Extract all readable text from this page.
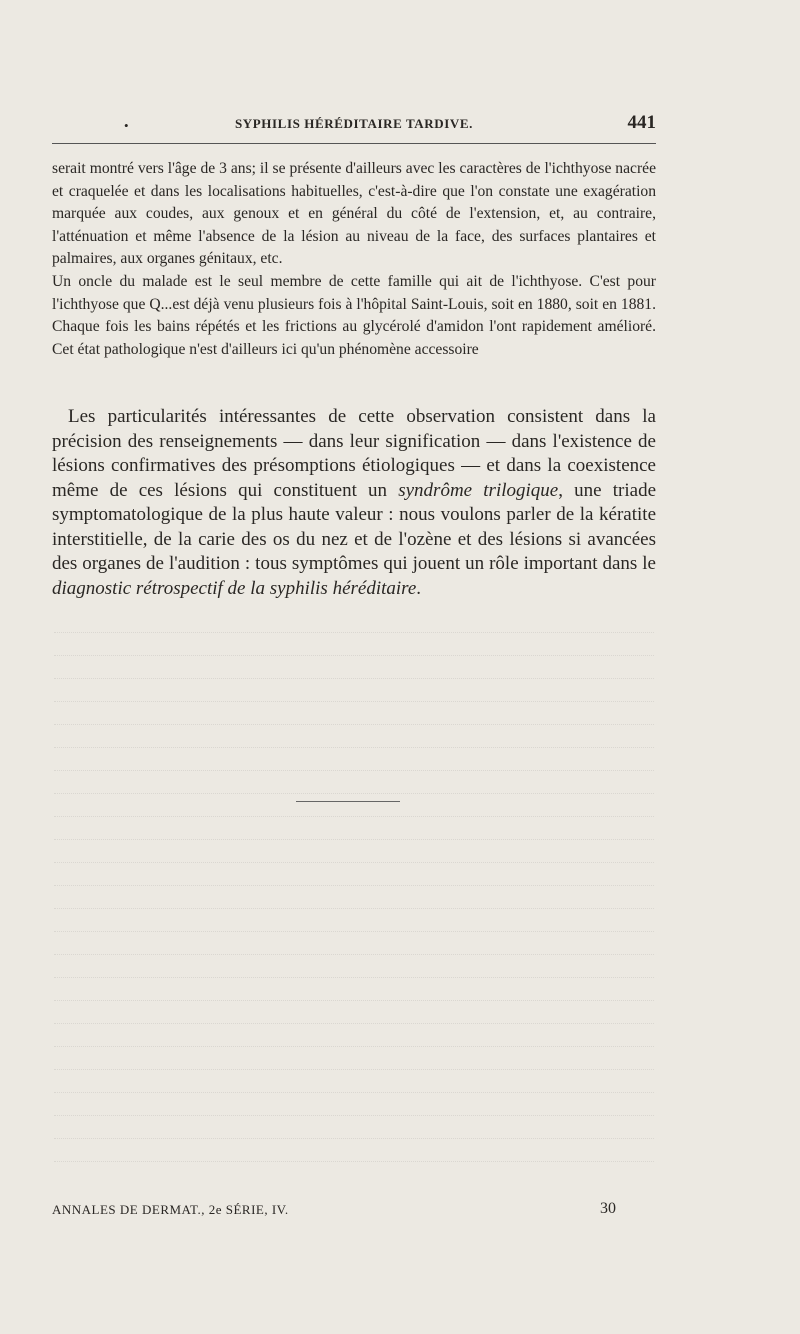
•	SYPHILIS HÉRÉDITAIRE TARDIVE.	441

serait montré vers l'âge de 3 ans; il se présente d'ailleurs avec les caractères de l'ichthyose nacrée et craquelée et dans les localisations habituelles, c'est-à-dire que l'on constate une exagération marquée aux coudes, aux genoux et en général du côté de l'extension, et, au contraire, l'atténuation et même l'absence de la lésion au niveau de la face, des surfaces plantaires et palmaires, aux organes génitaux, etc.

Un oncle du malade est le seul membre de cette famille qui ait de l'ichthyose. C'est pour l'ichthyose que Q...est déjà venu plusieurs fois à l'hôpital Saint-Louis, soit en 1880, soit en 1881. Chaque fois les bains répétés et les frictions au glycérolé d'amidon l'ont rapidement amélioré. Cet état pathologique n'est d'ailleurs ici qu'un phénomène accessoire

Les particularités intéressantes de cette observation consistent dans la précision des renseignements — dans leur signification — dans l'existence de lésions confirmatives des présomptions étiologiques — et dans la coexistence même de ces lésions qui constituent un syndrôme trilogique, une triade symptomatologique de la plus haute valeur : nous voulons parler de la kératite interstitielle, de la carie des os du nez et de l'ozène et des lésions si avancées des organes de l'audition : tous symptômes qui jouent un rôle important dans le diagnostic rétrospectif de la syphilis héréditaire.

ANNALES DE DERMAT., 2e SÉRIE, IV.	30
